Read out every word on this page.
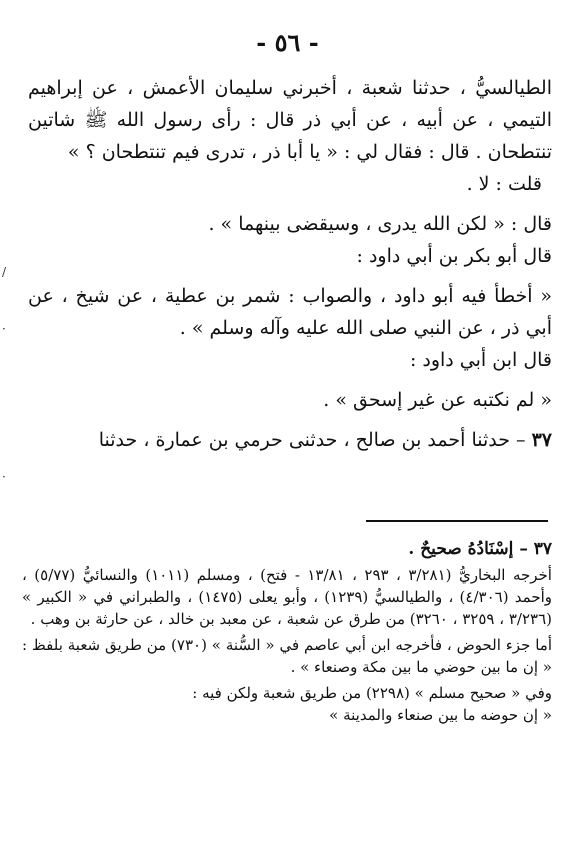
- ٥٦ -

الطيالسيُّ ، حدثنا شعبة ، أخبرني سليمان الأعمش ، عن إبراهيم التيمي ، عن أبيه ، عن أبي ذر قال : رأى رسول الله ﷺ شاتين تنتطحان . قال : فقال لي : « يا أبا ذر ، تدرى فيم تنتطحان ؟ »

قلت : لا .

قال : « لكن الله يدرى ، وسيقضى بينهما » .

قال أبو بكر بن أبي داود :

« أخطأ فيه أبو داود ، والصواب : شمر بن عطية ، عن شيخ ، عن أبي ذر ، عن النبي صلى الله عليه وآله وسلم » .

قال ابن أبي داود :

« لم نكتبه عن غير إسحق » .

٣٧ – حدثنا أحمد بن صالح ، حدثنى حرمي بن عمارة ، حدثنا

٣٧ – إسْنَادُهُ صحيحٌ .

أخرجه البخاريُّ (٣/٢٨١ ، ٢٩٣ ، ١٣/٨١ - فتح) ، ومسلم (١٠١١) والنسائيُّ (٥/٧٧) ، وأحمد (٤/٣٠٦) ، والطيالسيُّ (١٢٣٩) ، وأبو يعلى (١٤٧٥) ، والطبراني في « الكبير » (٣/٢٣٦ ، ٣٢٥٩ ، ٣٢٦٠) من طرق عن شعبة ، عن معبد بن خالد ، عن حارثة بن وهب .

أما جزء الحوض ، فأخرجه ابن أبي عاصم في « السُّنة » (٧٣٠) من طريق شعبة بلفظ : « إن ما بين حوضي ما بين مكة وصنعاء » .

وفي « صحيح مسلم » (٢٢٩٨) من طريق شعبة ولكن فيه :

« إن حوضه ما بين صنعاء والمدينة »

/
·
·
